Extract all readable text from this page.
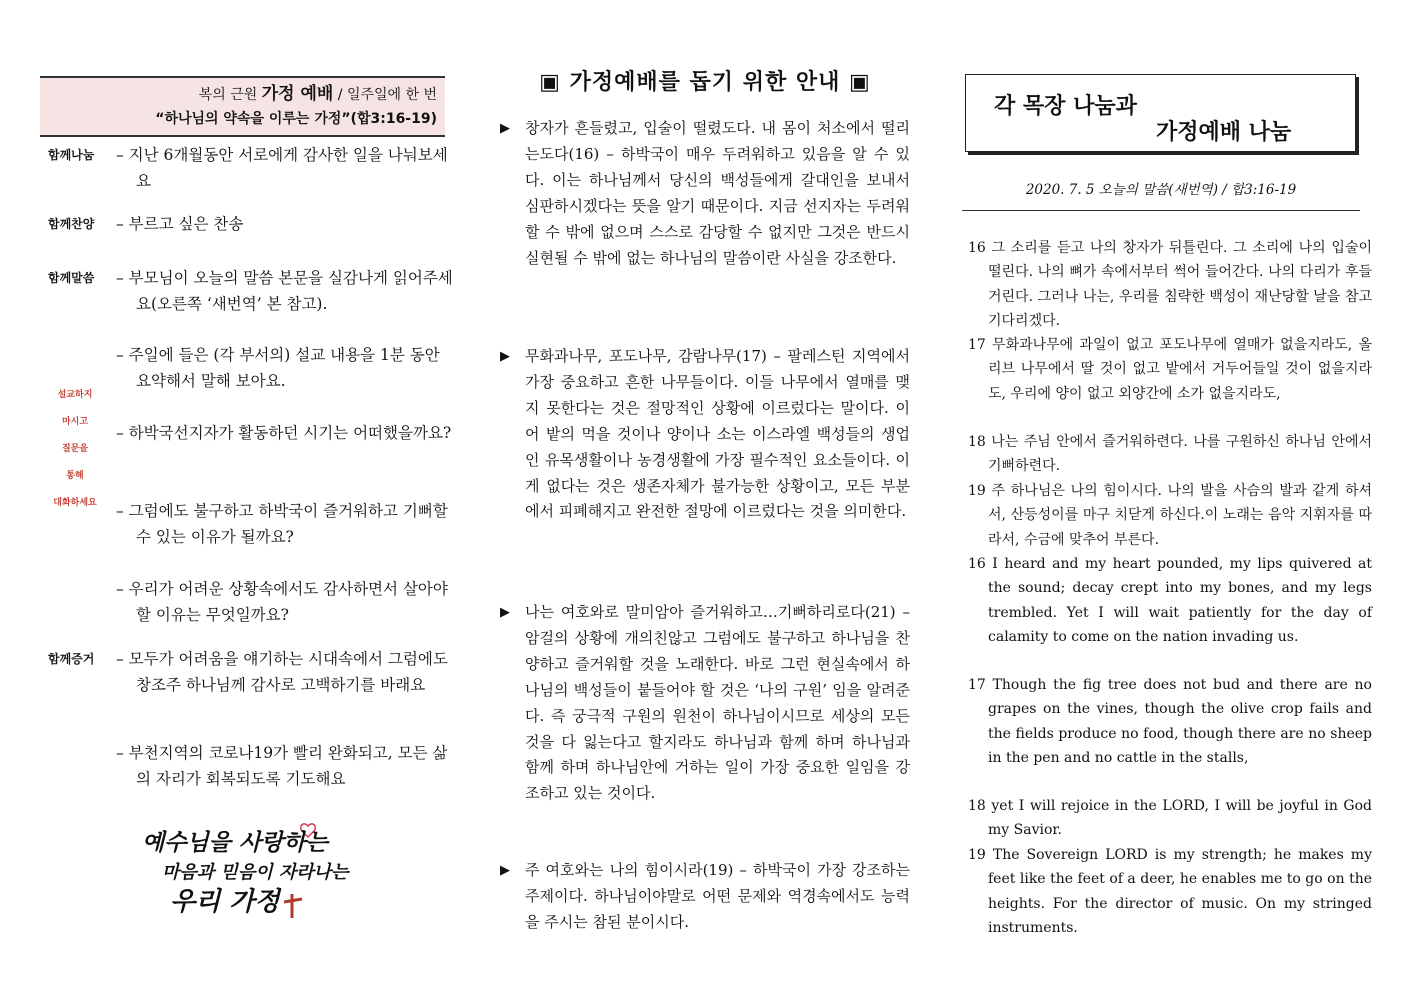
복의 근원 가정 예배 / 일주일에 한 번
“하나님의 약속을 이루는 가정”(합3:16-19)
함께나눔 – 지난 6개월동안 서로에게 감사한 일을 나눠보세요
함께찬양 – 부르고 싶은 찬송
함께말씀 – 부모님이 오늘의 말씀 본문을 실감나게 읽어주세요(오른쪽 ‘새번역’ 본 참고).
– 주일에 들은 (각 부서의) 설교 내용을 1분 동안 요약해서 말해 보아요.
– 하박국선지자가 활동하던 시기는 어떠했을까요?
– 그럼에도 불구하고 하박국이 즐거워하고 기뻐할 수 있는 이유가 될까요?
– 우리가 어려운 상황속에서도 감사하면서 살아야 할 이유는 무엇일까요?
함께증거 – 모두가 어려움을 얘기하는 시대속에서 그럼에도 창조주 하나님께 감사로 고백하기를 바래요
– 부천지역의 코로나19가 빨리 완화되고, 모든 삶의 자리가 회복되도록 기도해요
설교하지
마시고
질문을
통해
대화하세요
예수님을 사랑하는
마음과 믿음이 자라나는
우리 가정
▣ 가정예배를 돕기 위한 안내 ▣
▶ 창자가 흔들렸고, 입술이 떨렸도다. 내 몸이 처소에서 떨리는도다(16) – 하박국이 매우 두려워하고 있음을 알 수 있다. 이는 하나님께서 당신의 백성들에게 갈대인을 보내서 심판하시겠다는 뜻을 알기 때문이다. 지금 선지자는 두려워할 수 밖에 없으며 스스로 감당할 수 없지만 그것은 반드시 실현될 수 밖에 없는 하나님의 말씀이란 사실을 강조한다.
▶ 무화과나무, 포도나무, 감람나무(17) – 팔레스틴 지역에서 가장 중요하고 흔한 나무들이다. 이들 나무에서 열매를 맺지 못한다는 것은 절망적인 상황에 이르렀다는 말이다. 이어 밭의 먹을 것이나 양이나 소는 이스라엘 백성들의 생업인 유목생활이나 농경생활에 가장 필수적인 요소들이다. 이게 없다는 것은 생존자체가 불가능한 상황이고, 모든 부분에서 피폐해지고 완전한 절망에 이르렀다는 것을 의미한다.
▶ 나는 여호와로 말미암아 즐거워하고…기뻐하리로다(21) – 암걸의 상황에 개의친않고 그럼에도 불구하고 하나님을 찬양하고 즐거워할 것을 노래한다. 바로 그런 현실속에서 하나님의 백성들이 붙들어야 할 것은 ‘나의 구원’ 임을 알려준다. 즉 궁극적 구원의 원천이 하나님이시므로 세상의 모든 것을 다 잃는다고 할지라도 하나님과 함께 하며 하나님과 함께 하며 하나님안에 거하는 일이 가장 중요한 일임을 강조하고 있는 것이다.
▶ 주 여호와는 나의 힘이시라(19) – 하박국이 가장 강조하는 주제이다. 하나님이야말로 어떤 문제와 역경속에서도 능력을 주시는 참된 분이시다.
각 목장 나눔과
가정예배 나눔
2020. 7. 5 오늘의 말씀(새번역) / 합3:16-19
16 그 소리를 듣고 나의 창자가 뒤틀린다. 그 소리에 나의 입술이 떨린다. 나의 뼈가 속에서부터 썩어 들어간다. 나의 다리가 후들거린다. 그러나 나는, 우리를 침략한 백성이 재난당할 날을 참고 기다리겠다.
17 무화과나무에 과일이 없고 포도나무에 열매가 없을지라도, 올리브 나무에서 딸 것이 없고 밭에서 거두어들일 것이 없을지라도, 우리에 양이 없고 외양간에 소가 없을지라도,
18 나는 주님 안에서 즐거워하련다. 나를 구원하신 하나님 안에서 기뻐하련다.
19 주 하나님은 나의 힘이시다. 나의 발을 사슴의 발과 같게 하셔서, 산등성이를 마구 치닫게 하신다.이 노래는 음악 지휘자를 따라서, 수금에 맞추어 부른다.
16 I heard and my heart pounded, my lips quivered at the sound; decay crept into my bones, and my legs trembled. Yet I will wait patiently for the day of calamity to come on the nation invading us.
17 Though the fig tree does not bud and there are no grapes on the vines, though the olive crop fails and the fields produce no food, though there are no sheep in the pen and no cattle in the stalls,
18 yet I will rejoice in the LORD, I will be joyful in God my Savior.
19 The Sovereign LORD is my strength; he makes my feet like the feet of a deer, he enables me to go on the heights. For the director of music. On my stringed instruments.
